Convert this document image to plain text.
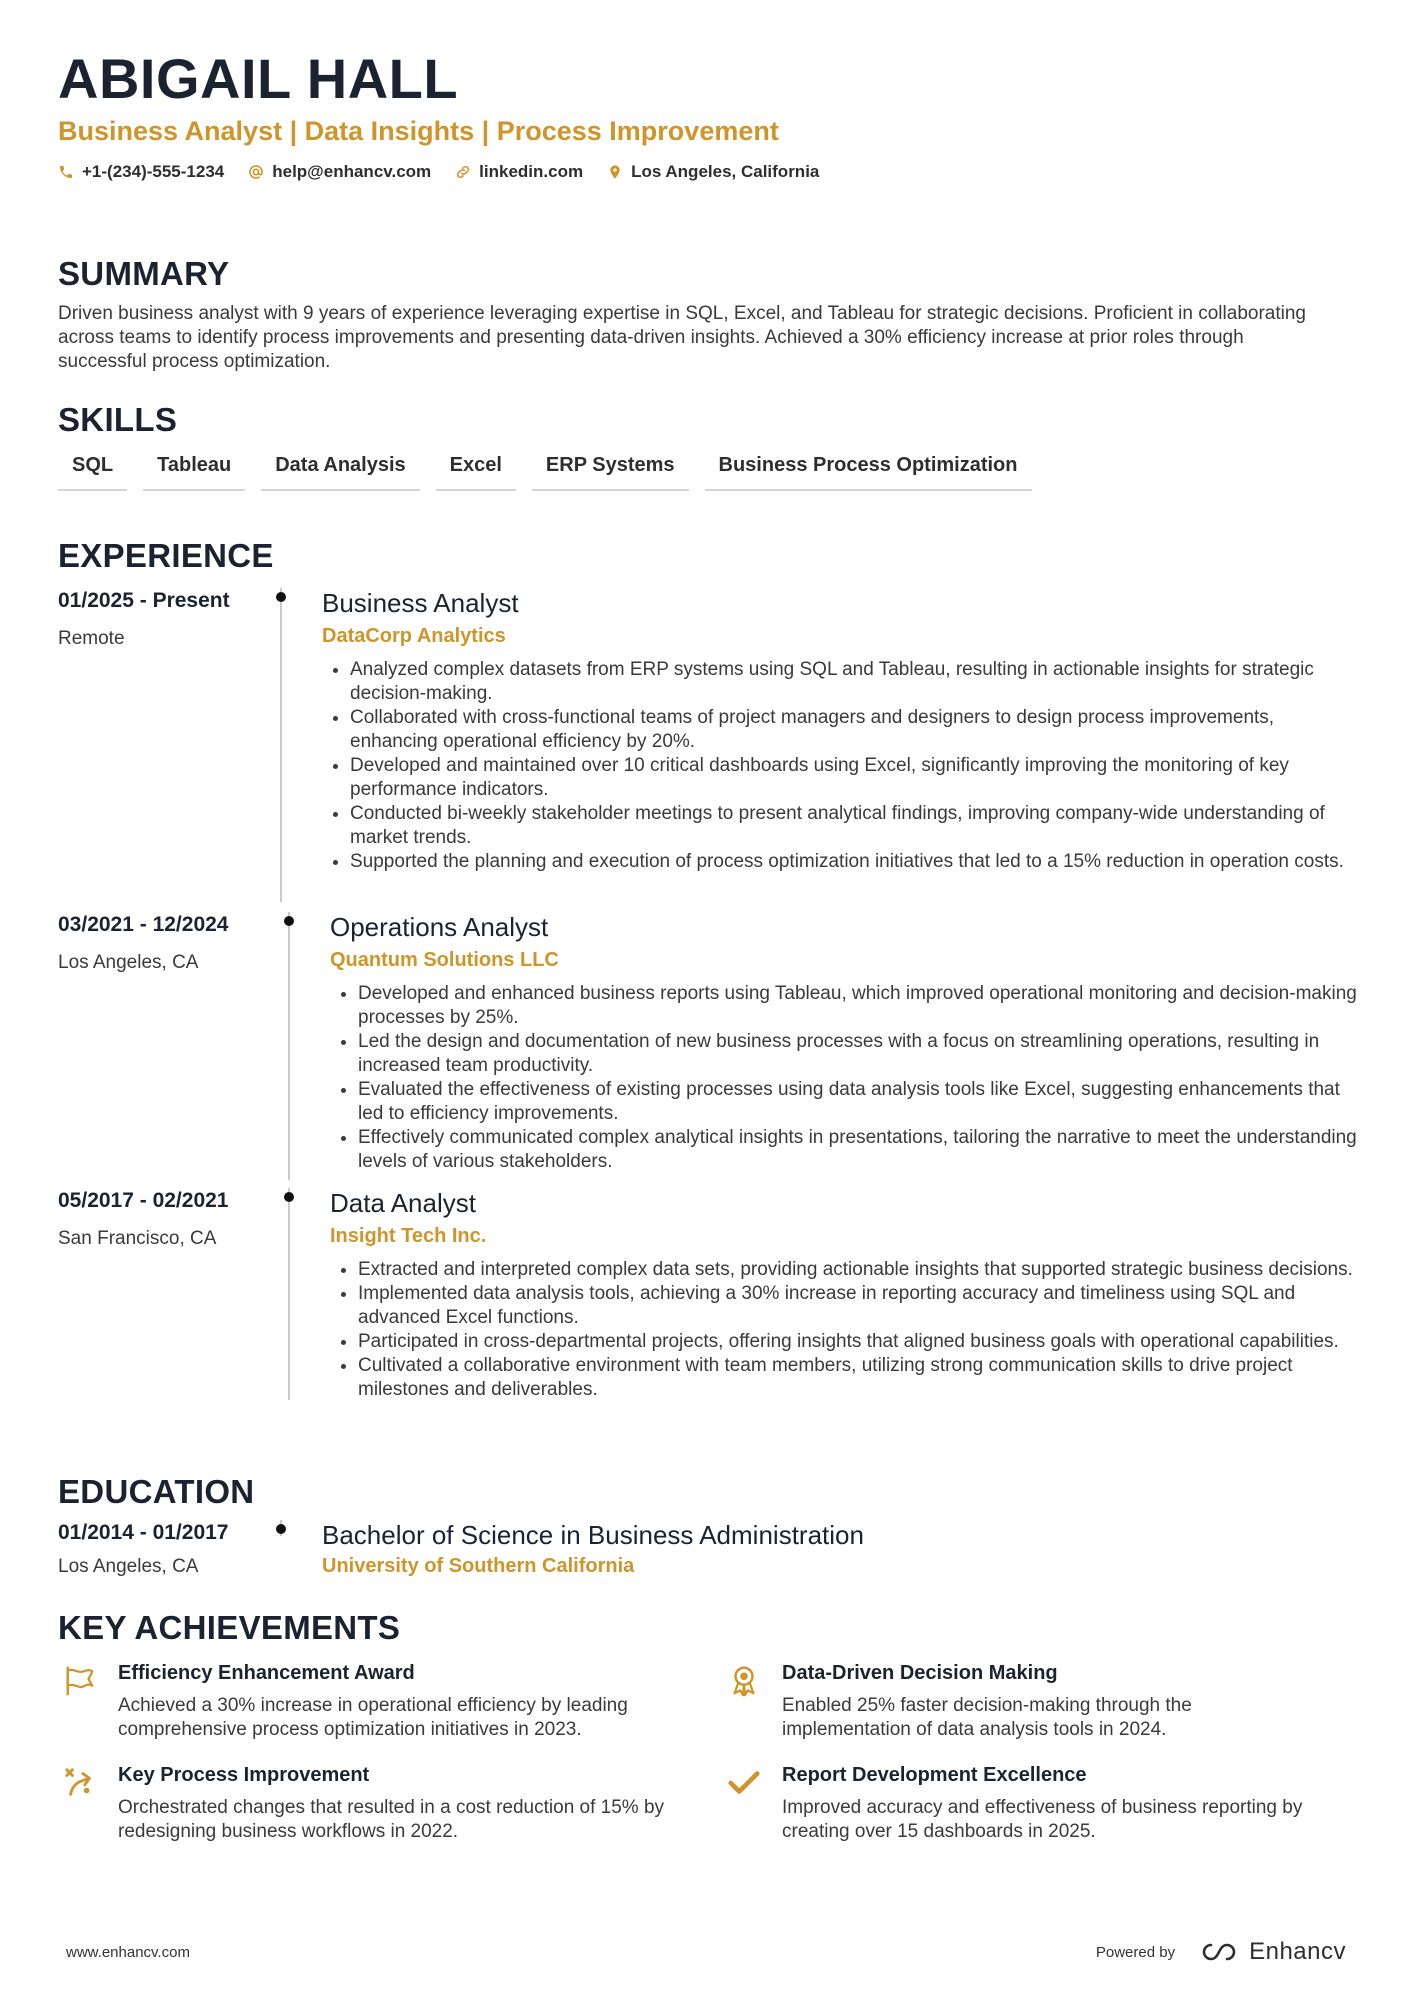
ABIGAIL HALL
Business Analyst | Data Insights | Process Improvement
+1-(234)-555-1234	help@enhancv.com	linkedin.com	Los Angeles, California
SUMMARY

Driven business analyst with 9 years of experience leveraging expertise in SQL, Excel, and Tableau for strategic decisions. Proficient in collaborating across teams to identify process improvements and presenting data-driven insights. Achieved a 30% efficiency increase at prior roles through successful process optimization.

SKILLS
SQL	Tableau	Data Analysis	Excel	ERP Systems	Business Process Optimization
EXPERIENCE
01/2025 - Present
Remote
Business Analyst
DataCorp Analytics
• Analyzed complex datasets from ERP systems using SQL and Tableau, resulting in actionable insights for strategic decision-making.
• Collaborated with cross-functional teams of project managers and designers to design process improvements, enhancing operational efficiency by 20%.
• Developed and maintained over 10 critical dashboards using Excel, significantly improving the monitoring of key performance indicators.
• Conducted bi-weekly stakeholder meetings to present analytical findings, improving company-wide understanding of market trends.
• Supported the planning and execution of process optimization initiatives that led to a 15% reduction in operation costs.
03/2021 - 12/2024
Los Angeles, CA
Operations Analyst
Quantum Solutions LLC
• Developed and enhanced business reports using Tableau, which improved operational monitoring and decision-making processes by 25%.
• Led the design and documentation of new business processes with a focus on streamlining operations, resulting in increased team productivity.
• Evaluated the effectiveness of existing processes using data analysis tools like Excel, suggesting enhancements that led to efficiency improvements.
• Effectively communicated complex analytical insights in presentations, tailoring the narrative to meet the understanding levels of various stakeholders.
05/2017 - 02/2021
San Francisco, CA
Data Analyst
Insight Tech Inc.
• Extracted and interpreted complex data sets, providing actionable insights that supported strategic business decisions.
• Implemented data analysis tools, achieving a 30% increase in reporting accuracy and timeliness using SQL and advanced Excel functions.
• Participated in cross-departmental projects, offering insights that aligned business goals with operational capabilities.
• Cultivated a collaborative environment with team members, utilizing strong communication skills to drive project milestones and deliverables.
EDUCATION
01/2014 - 01/2017
Los Angeles, CA
Bachelor of Science in Business Administration
University of Southern California
KEY ACHIEVEMENTS
Efficiency Enhancement Award
Achieved a 30% increase in operational efficiency by leading comprehensive process optimization initiatives in 2023.
Data-Driven Decision Making
Enabled 25% faster decision-making through the implementation of data analysis tools in 2024.
Key Process Improvement
Orchestrated changes that resulted in a cost reduction of 15% by redesigning business workflows in 2022.
Report Development Excellence
Improved accuracy and effectiveness of business reporting by creating over 15 dashboards in 2025.
www.enhancv.com	Powered by	Enhancv
